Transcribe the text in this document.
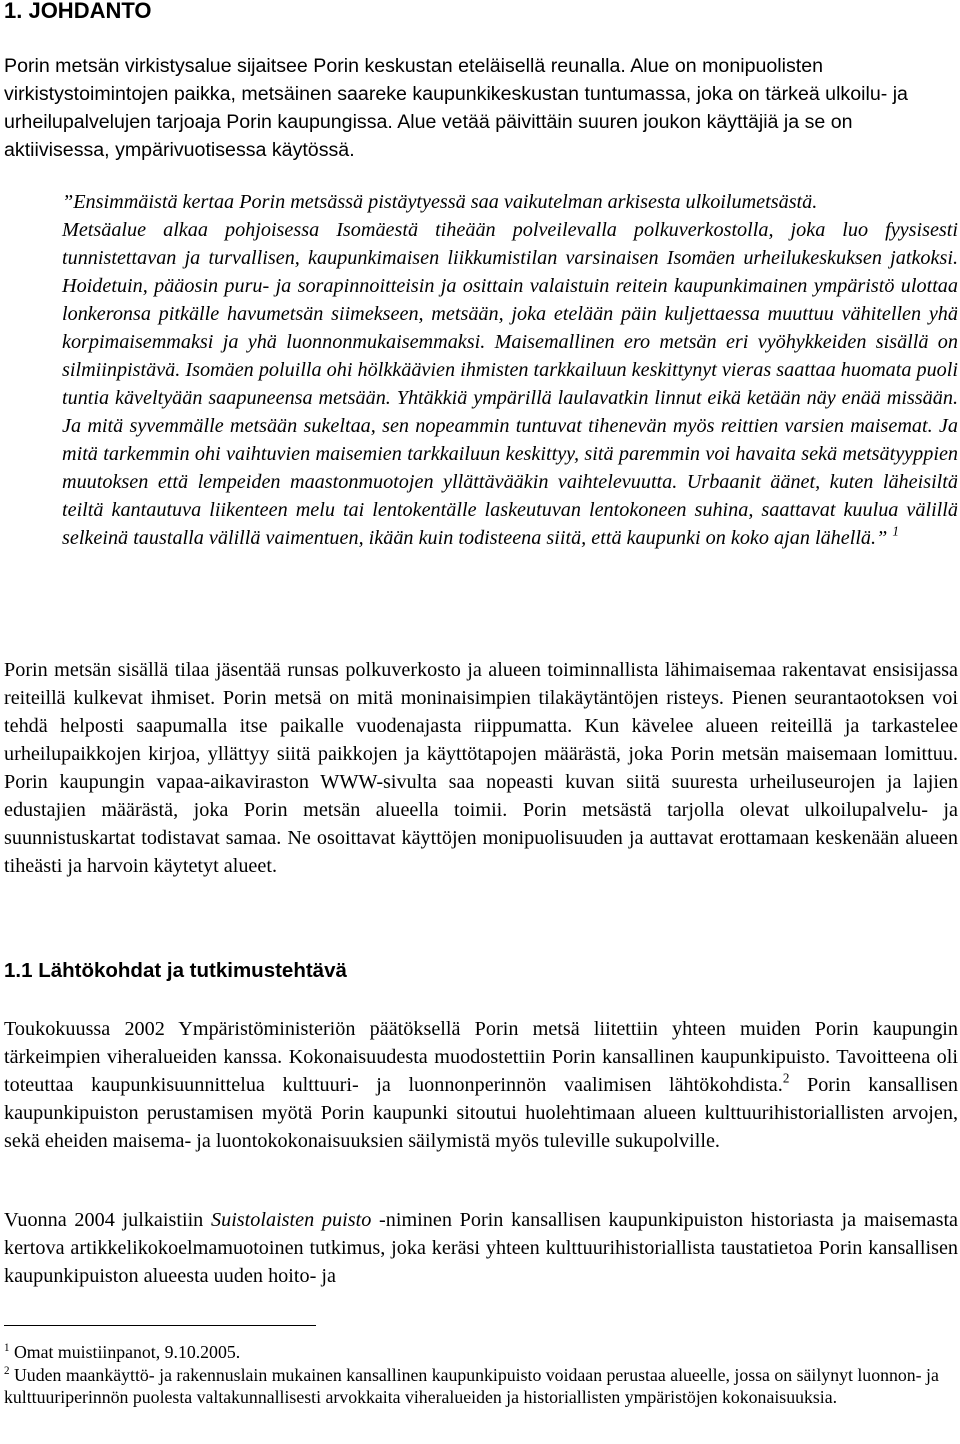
1. JOHDANTO

Porin metsän virkistysalue sijaitsee Porin keskustan eteläisellä reunalla. Alue on monipuolisten virkistystoimintojen paikka, metsäinen saareke kaupunkikeskustan tuntumassa, joka on tärkeä ulkoilu- ja urheilupalvelujen tarjoaja Porin kaupungissa. Alue vetää päivittäin suuren joukon käyttäjiä ja se on aktiivisessa, ympärivuotisessa käytössä.

”Ensimmäistä kertaa Porin metsässä pistäytyessä saa vaikutelman arkisesta ulkoilumetsästä.
Metsäalue alkaa pohjoisessa Isomäestä tiheään polveilevalla polkuverkostolla, joka luo fyysisesti tunnistettavan ja turvallisen, kaupunkimaisen liikkumistilan varsinaisen Isomäen urheilukeskuksen jatkoksi. Hoidetuin, pääosin puru- ja sorapinnoitteisin ja osittain valaistuin reitein kaupunkimainen ympäristö ulottaa lonkeronsa pitkälle havumetsän siimekseen, metsään, joka etelään päin kuljettaessa muuttuu vähitellen yhä korpimaisemmaksi ja yhä luonnonmukaisemmaksi. Maisemallinen ero metsän eri vyöhykkeiden sisällä on silmiinpistävä. Isomäen poluilla ohi hölkkäävien ihmisten tarkkailuun keskittynyt vieras saattaa huomata puoli tuntia käveltyään saapuneensa metsään. Yhtäkkiä ympärillä laulavatkin linnut eikä ketään näy enää missään. Ja mitä syvemmälle metsään sukeltaa, sen nopeammin tuntuvat tihenevän myös reittien varsien maisemat. Ja mitä tarkemmin ohi vaihtuvien maisemien tarkkailuun keskittyy, sitä paremmin voi havaita sekä metsätyyppien muutoksen että lempeiden maastonmuotojen yllättävääkin vaihtelevuutta. Urbaanit äänet, kuten läheisiltä teiltä kantautuva liikenteen melu tai lentokentälle laskeutuvan lentokoneen suhina, saattavat kuulua välillä selkeinä taustalla välillä vaimentuen, ikään kuin todisteena siitä, että kaupunki on koko ajan lähellä.” $^1$

Porin metsän sisällä tilaa jäsentää runsas polkuverkosto ja alueen toiminnallista lähimaisemaa rakentavat ensisijassa reiteillä kulkevat ihmiset. Porin metsä on mitä moninaisimpien tilakäytäntöjen risteys. Pienen seurantaotoksen voi tehdä helposti saapumalla itse paikalle vuodenajasta riippumatta. Kun kävelee alueen reiteillä ja tarkastelee urheilupaikkojen kirjoa, yllättyy siitä paikkojen ja käyttötapojen määrästä, joka Porin metsän maisemaan lomittuu. Porin kaupungin vapaa-aikaviraston WWW-sivulta saa nopeasti kuvan siitä suuresta urheiluseurojen ja lajien edustajien määrästä, joka Porin metsän alueella toimii. Porin metsästä tarjolla olevat ulkoilupalvelu- ja suunnistuskartat todistavat samaa. Ne osoittavat käyttöjen monipuolisuuden ja auttavat erottamaan keskenään alueen tiheästi ja harvoin käytetyt alueet.

1.1 Lähtökohdat ja tutkimustehtävä

Toukokuussa 2002 Ympäristöministeriön päätöksellä Porin metsä liitettiin yhteen muiden Porin kaupungin tärkeimpien viheralueiden kanssa. Kokonaisuudesta muodostettiin Porin kansallinen kaupunkipuisto. Tavoitteena oli toteuttaa kaupunkisuunnittelua kulttuuri- ja luonnonperinnön vaalimisen lähtökohdista.$^2$ Porin kansallisen kaupunkipuiston perustamisen myötä Porin kaupunki sitoutui huolehtimaan alueen kulttuurihistoriallisten arvojen, sekä eheiden maisema- ja luontokokonaisuuksien säilymistä myös tuleville sukupolville.

Vuonna 2004 julkaistiin Suistolaisten puisto -niminen Porin kansallisen kaupunkipuiston historiasta ja maisemasta kertova artikkelikokoelmamuotoinen tutkimus, joka keräsi yhteen kulttuurihistoriallista taustatietoa Porin kansallisen kaupunkipuiston alueesta uuden hoito- ja

$^1$ Omat muistiinpanot, 9.10.2005.

$^2$ Uuden maankäyttö- ja rakennuslain mukainen kansallinen kaupunkipuisto voidaan perustaa alueelle, jossa on säilynyt luonnon- ja kulttuuriperinnön puolesta valtakunnallisesti arvokkaita viheralueiden ja historiallisten ympäristöjen kokonaisuuksia.
